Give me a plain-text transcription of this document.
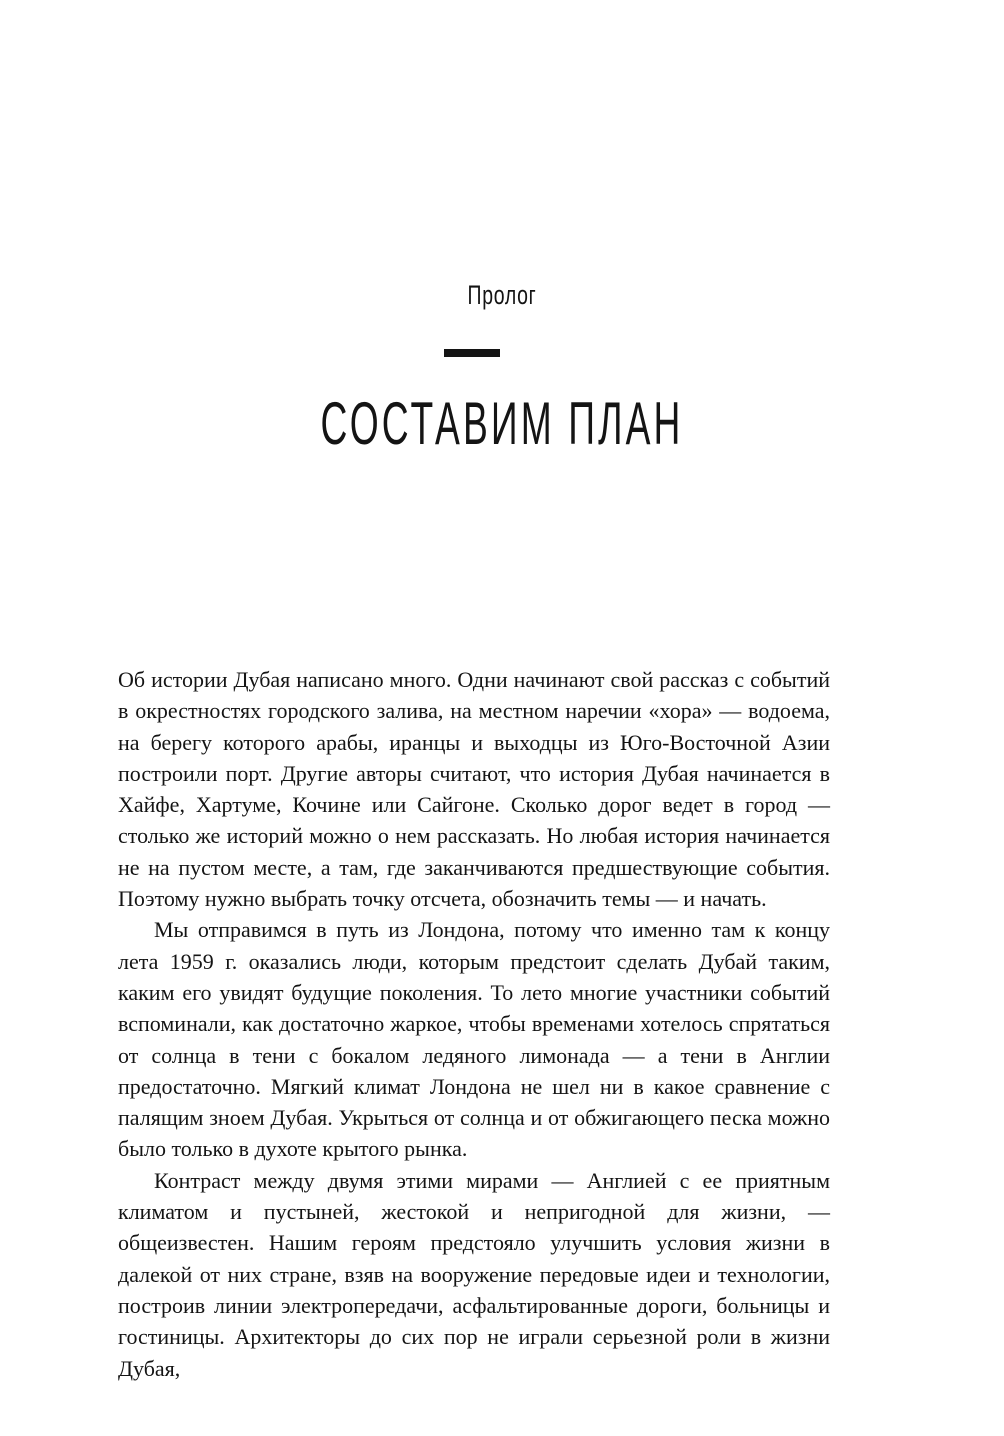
Пролог
СОСТАВИМ ПЛАН

Об истории Дубая написано много. Одни начинают свой рассказ с событий в окрестностях городского залива, на местном наречии «хора» — водоема, на берегу которого арабы, иранцы и выходцы из Юго-Восточной Азии построили порт. Другие авторы считают, что история Дубая начинается в Хайфе, Хартуме, Кочине или Сайгоне. Сколько дорог ведет в город — столько же историй можно о нем рассказать. Но любая история начинается не на пустом месте, а там, где заканчиваются предшествующие события. Поэтому нужно выбрать точку отсчета, обозначить темы — и начать.

Мы отправимся в путь из Лондона, потому что именно там к концу лета 1959 г. оказались люди, которым предстоит сделать Дубай таким, каким его увидят будущие поколения. То лето многие участники событий вспоминали, как достаточно жаркое, чтобы временами хотелось спрятаться от солнца в тени с бокалом ледяного лимонада — а тени в Англии предостаточно. Мягкий климат Лондона не шел ни в какое сравнение с палящим зноем Дубая. Укрыться от солнца и от обжигающего песка можно было только в духоте крытого рынка.

Контраст между двумя этими мирами — Англией с ее приятным климатом и пустыней, жестокой и непригодной для жизни, — общеизвестен. Нашим героям предстояло улучшить условия жизни в далекой от них стране, взяв на вооружение передовые идеи и технологии, построив линии электропередачи, асфальтированные дороги, больницы и гостиницы. Архитекторы до сих пор не играли серьезной роли в жизни Дубая,
